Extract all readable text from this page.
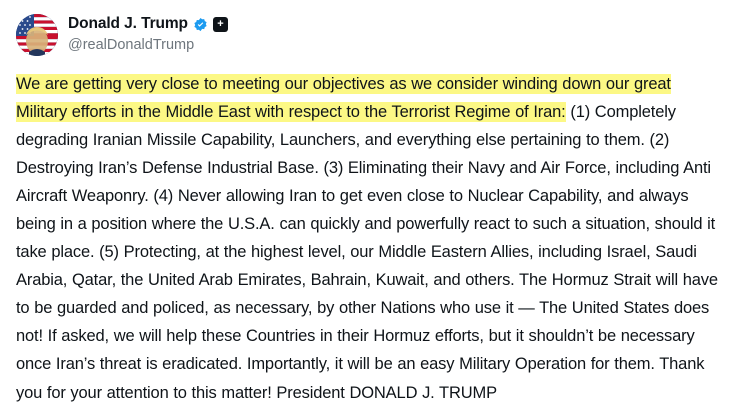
Donald J. Trump	+
@realDonaldTrump
We are getting very close to meeting our objectives as we consider winding down our great Military efforts in the Middle East with respect to the Terrorist Regime of Iran: (1) Completely degrading Iranian Missile Capability, Launchers, and everything else pertaining to them. (2) Destroying Iran’s Defense Industrial Base. (3) Eliminating their Navy and Air Force, including Anti Aircraft Weaponry. (4) Never allowing Iran to get even close to Nuclear Capability, and always being in a position where the U.S.A. can quickly and powerfully react to such a situation, should it take place. (5) Protecting, at the highest level, our Middle Eastern Allies, including Israel, Saudi Arabia, Qatar, the United Arab Emirates, Bahrain, Kuwait, and others. The Hormuz Strait will have to be guarded and policed, as necessary, by other Nations who use it — The United States does not! If asked, we will help these Countries in their Hormuz efforts, but it shouldn’t be necessary once Iran’s threat is eradicated. Importantly, it will be an easy Military Operation for them. Thank you for your attention to this matter! President DONALD J. TRUMP
